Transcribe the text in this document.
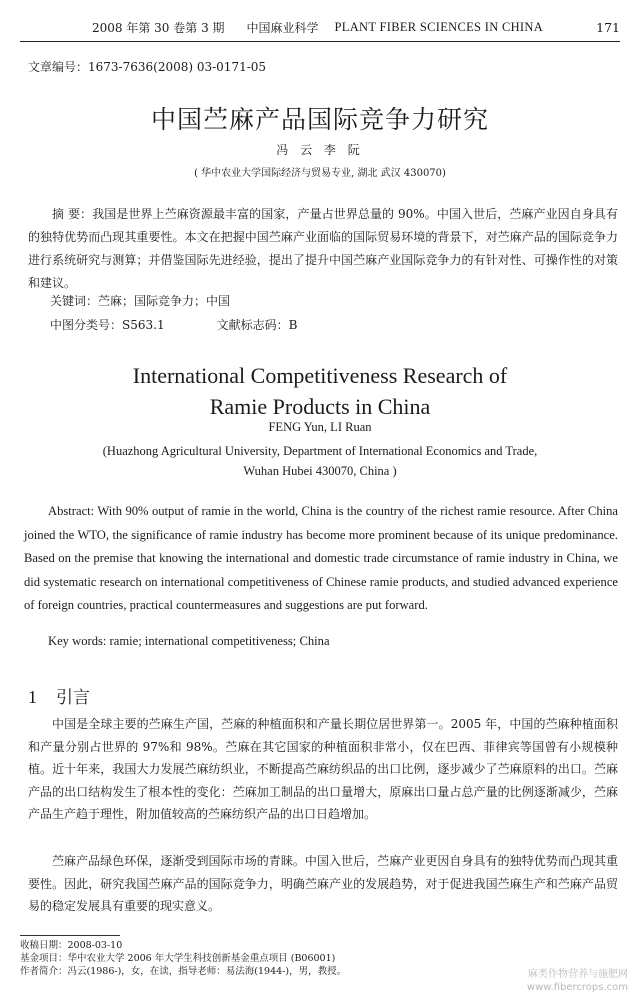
2008 年第 30 卷第 3 期 中国麻业科学 PLANT FIBER SCIENCES IN CHINA	171
文章编号：1673-7636(2008) 03-0171-05
中国苎麻产品国际竞争力研究
冯 云 李 阮
( 华中农业大学国际经济与贸易专业, 湖北 武汉 430070)
摘 要：我国是世界上苎麻资源最丰富的国家，产量占世界总量的 90%。中国入世后，苎麻产业因自身具有的独特优势而凸现其重要性。本文在把握中国苎麻产业面临的国际贸易环境的背景下，对苎麻产品的国际竞争力进行系统研究与测算；并借鉴国际先进经验，提出了提升中国苎麻产业国际竞争力的有针对性、可操作性的对策和建议。
关键词：苎麻；国际竞争力；中国
中图分类号：S563.1	文献标志码：B
International Competitiveness Research of
Ramie Products in China
FENG Yun, LI Ruan
(Huazhong Agricultural University, Department of International Economics and Trade,
Wuhan Hubei 430070, China )
Abstract: With 90% output of ramie in the world, China is the country of the richest ramie resource. After China joined the WTO, the significance of ramie industry has become more prominent because of its unique predominance. Based on the premise that knowing the international and domestic trade circumstance of ramie industry in China, we did systematic research on international competitiveness of Chinese ramie products, and studied advanced experience of foreign countries, practical countermeasures and suggestions are put forward.
Key words: ramie; international competitiveness; China
1	引言
中国是全球主要的苎麻生产国，苎麻的种植面积和产量长期位居世界第一。2005 年，中国的苎麻种植面积和产量分别占世界的 97%和 98%。苎麻在其它国家的种植面积非常小，仅在巴西、菲律宾等国曾有小规模种植。近十年来，我国大力发展苎麻纺织业，不断提高苎麻纺织品的出口比例，逐步减少了苎麻原料的出口。苎麻产品的出口结构发生了根本性的变化：苎麻加工制品的出口量增大，原麻出口量占总产量的比例逐渐减少，苎麻产品生产趋于理性，附加值较高的苎麻纺织产品的出口日趋增加。
苎麻产品绿色环保，逐渐受到国际市场的青睐。中国入世后，苎麻产业更因自身具有的独特优势而凸现其重要性。因此，研究我国苎麻产品的国际竞争力，明确苎麻产业的发展趋势，对于促进我国苎麻生产和苎麻产品贸易的稳定发展具有重要的现实意义。
收稿日期：2008-03-10
基金项目：华中农业大学 2006 年大学生科技创新基金重点项目 (B06001)
作者简介：冯云(1986-)，女，在读，指导老师：易法海(1944-)，男，教授。	麻类作物营养与施肥网
www.fibercrops.com
